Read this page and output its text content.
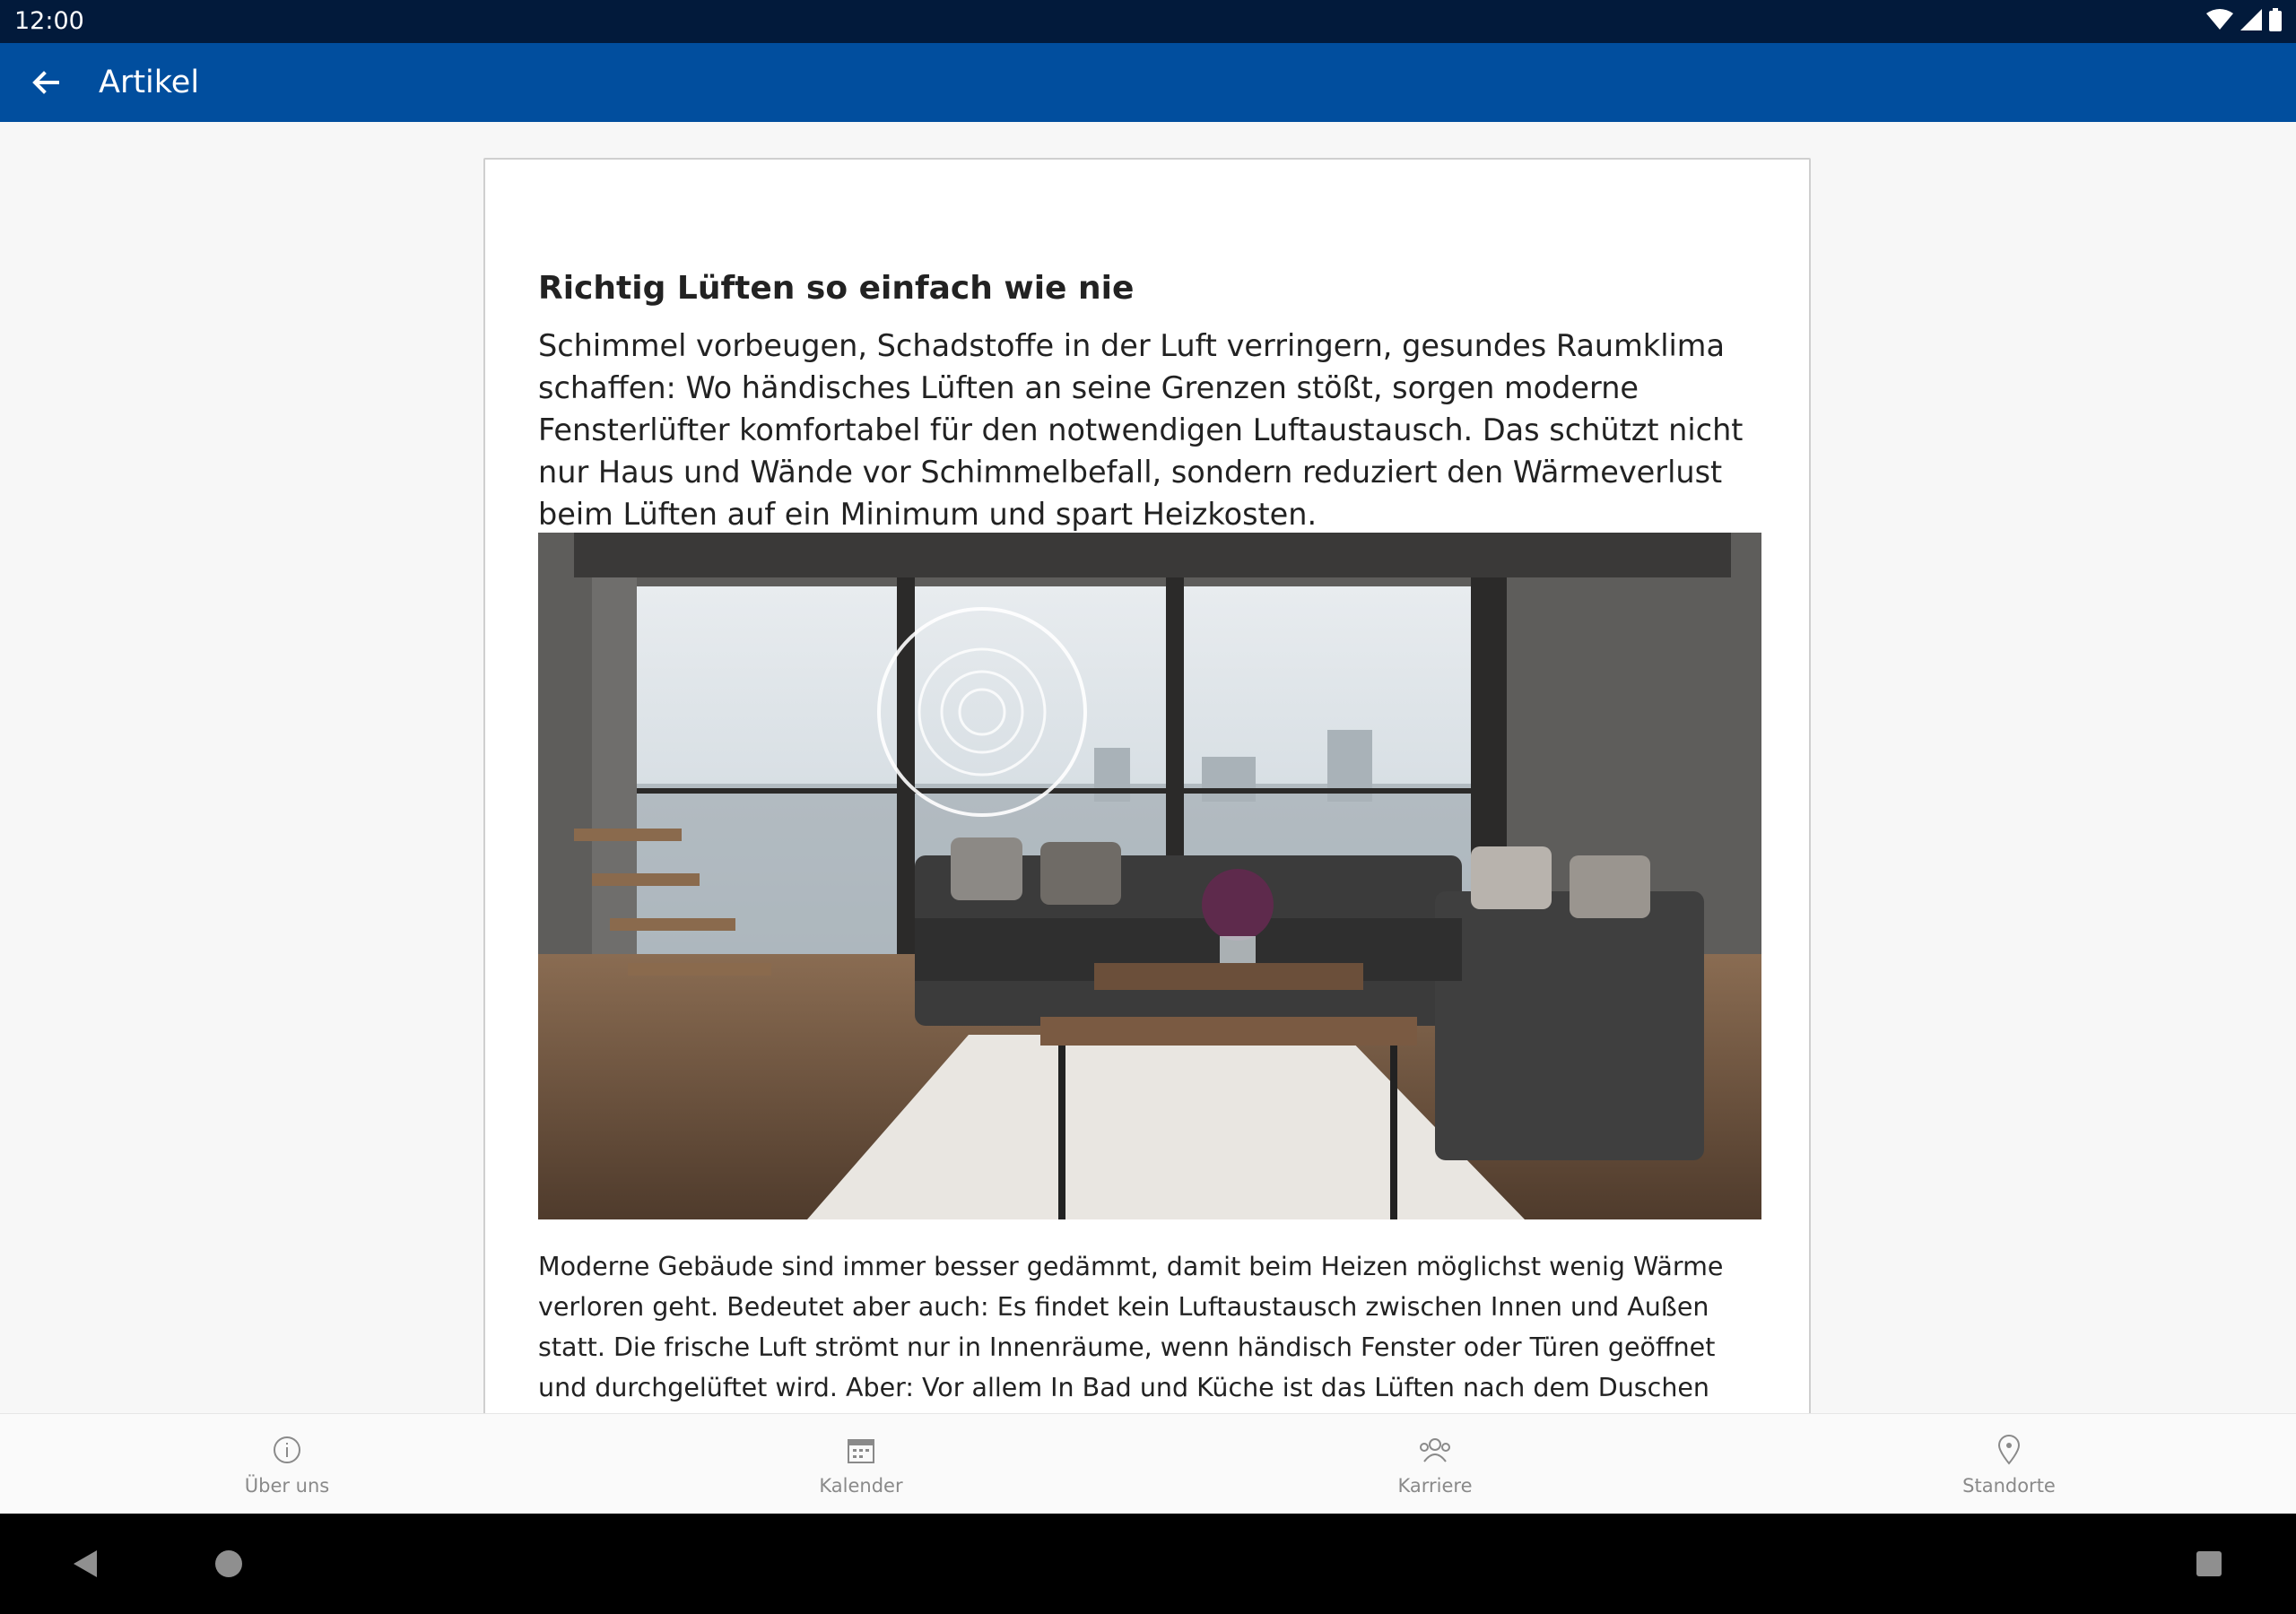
12:00
Artikel
Richtig Lüften so einfach wie nie

Schimmel vorbeugen, Schadstoffe in der Luft verringern, gesundes Raumklima schaffen: Wo händisches Lüften an seine Grenzen stößt, sorgen moderne Fensterlüfter komfortabel für den notwendigen Luftaustausch. Das schützt nicht nur Haus und Wände vor Schimmelbefall, sondern reduziert den Wärmeverlust beim Lüften auf ein Minimum und spart Heizkosten.

Moderne Gebäude sind immer besser gedämmt, damit beim Heizen möglichst wenig Wärme verloren geht. Bedeutet aber auch: Es findet kein Luftaustausch zwischen Innen und Außen statt. Die frische Luft strömt nur in Innenräume, wenn händisch Fenster oder Türen geöffnet und durchgelüftet wird. Aber: Vor allem In Bad und Küche ist das Lüften nach dem Duschen

Über uns	Kalender	Karriere	Standorte
